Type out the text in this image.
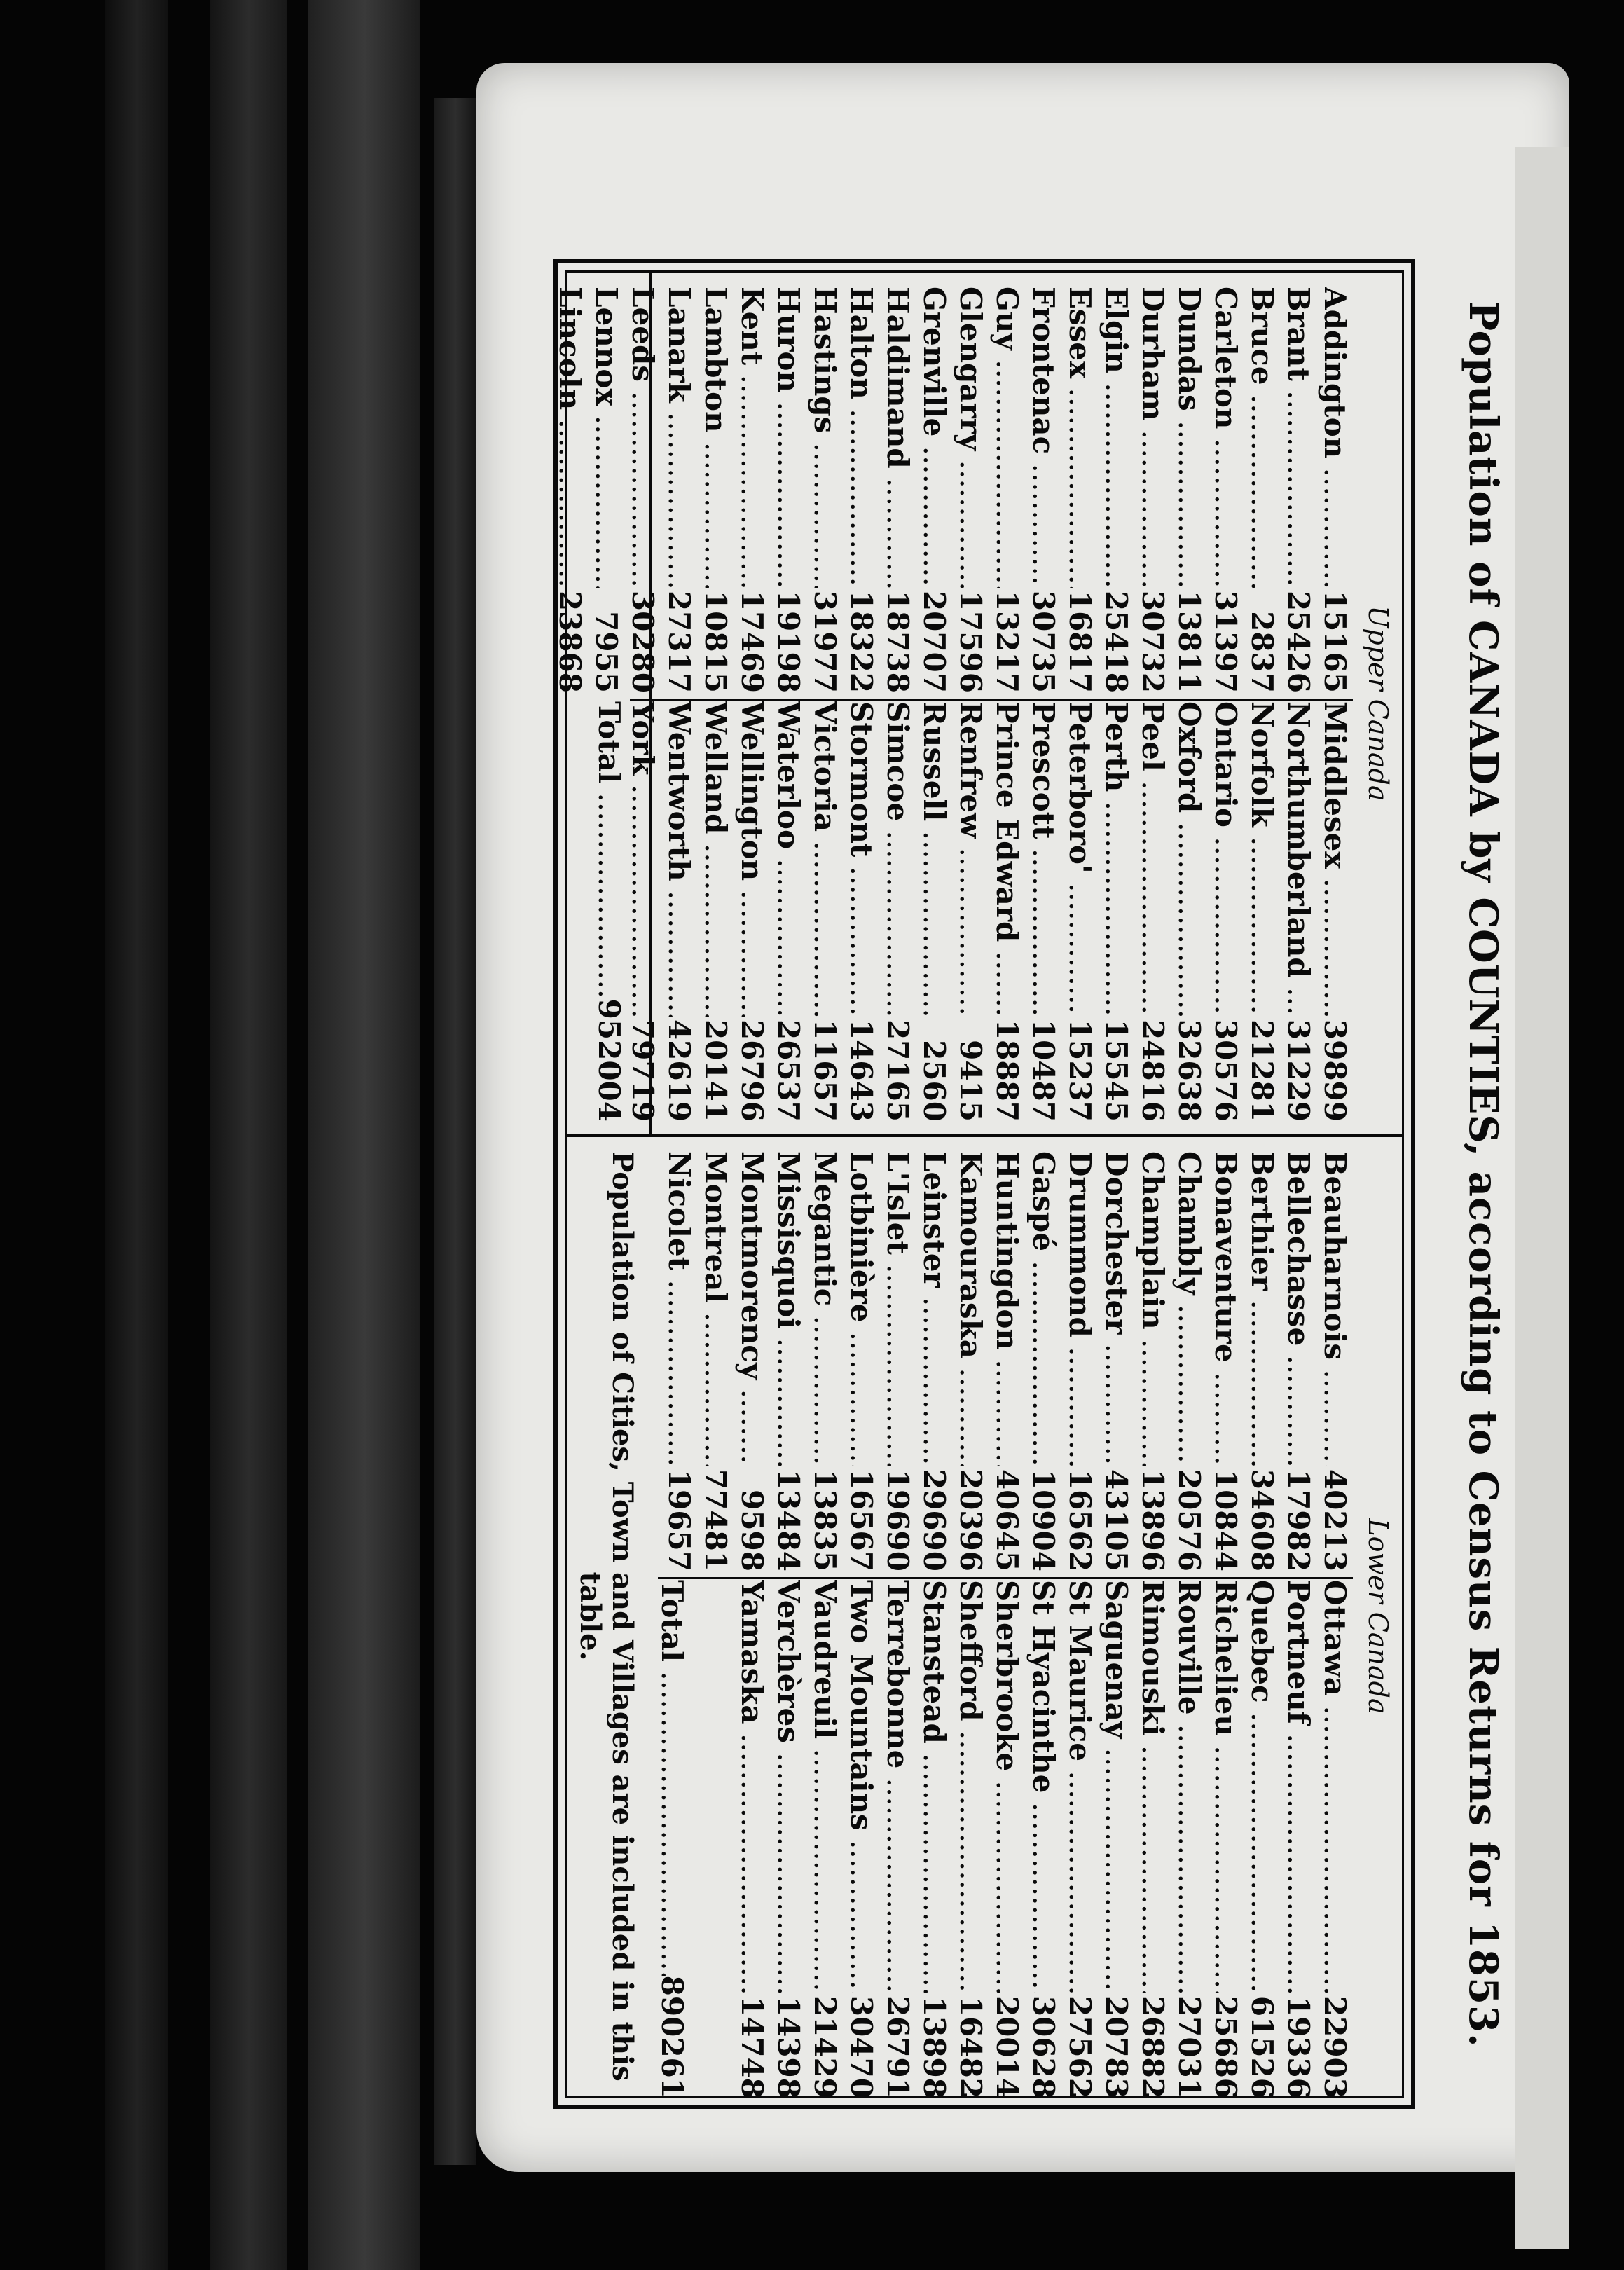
Population of CANADA by COUNTIES, according to Census Returns for 1853.
Upper Canada
Addington .....
15165
Brant .....
25426
Bruce .....
2837
Carleton .....
31397
Dundas .....
13811
Durham .....
30732
Elgin .....
25418
Essex .....
16817
Frontenac .....
30735
Guy .....
13217
Glengarry .....
17596
Grenville .....
20707
Haldimand .....
18738
Halton .....
18322
Hastings .....
31977
Huron .....
19198
Kent .....
17469
Lambton .....
10815
Lanark .....
27317
Leeds .....
30280
Lennox .....
7955
Lincoln .....
23868
Middlesex .....
39899
Northumberland .....
31229
Norfolk .....
21281
Ontario .....
30576
Oxford .....
32638
Peel .....
24816
Perth .....
15545
Peterboro' .....
15237
Prescott .....
10487
Prince Edward .....
18887
Renfrew .....
9415
Russell .....
2560
Simcoe .....
27165
Stormont .....
14643
Victoria .....
11657
Waterloo .....
26537
Wellington .....
26796
Welland .....
20141
Wentworth .....
42619
York .....
79719
Total .....
952004
Lower Canada
Beauharnois .....
40213
Bellechasse .....
17982
Berthier .....
34608
Bonaventure .....
10844
Chambly .....
20576
Champlain .....
13896
Dorchester .....
43105
Drummond .....
16562
Gaspé .....
10904
Huntingdon .....
40645
Kamouraska .....
20396
Leinster .....
29690
L'Islet .....
19690
Lotbinière .....
16567
Megantic .....
13835
Missisquoi .....
13484
Montmorency .....
9598
Montreal .....
77481
Nicolet .....
19657
Ottawa .....
22903
Portneuf .....
19336
Quebec .....
61526
Richelieu .....
25686
Rouville .....
27031
Rimouski .....
26882
Saguenay .....
20783
St Maurice .....
27562
St Hyacinthe .....
30628
Sherbrooke .....
20014
Shefford .....
16482
Stanstead .....
13898
Terrebonne .....
26791
Two Mountains .....
30470
Vaudreuil .....
21429
Verchères .....
14398
Yamaska .....
14748
Total .....
890261
Population of Cities, Town and Villages are included in this table.
